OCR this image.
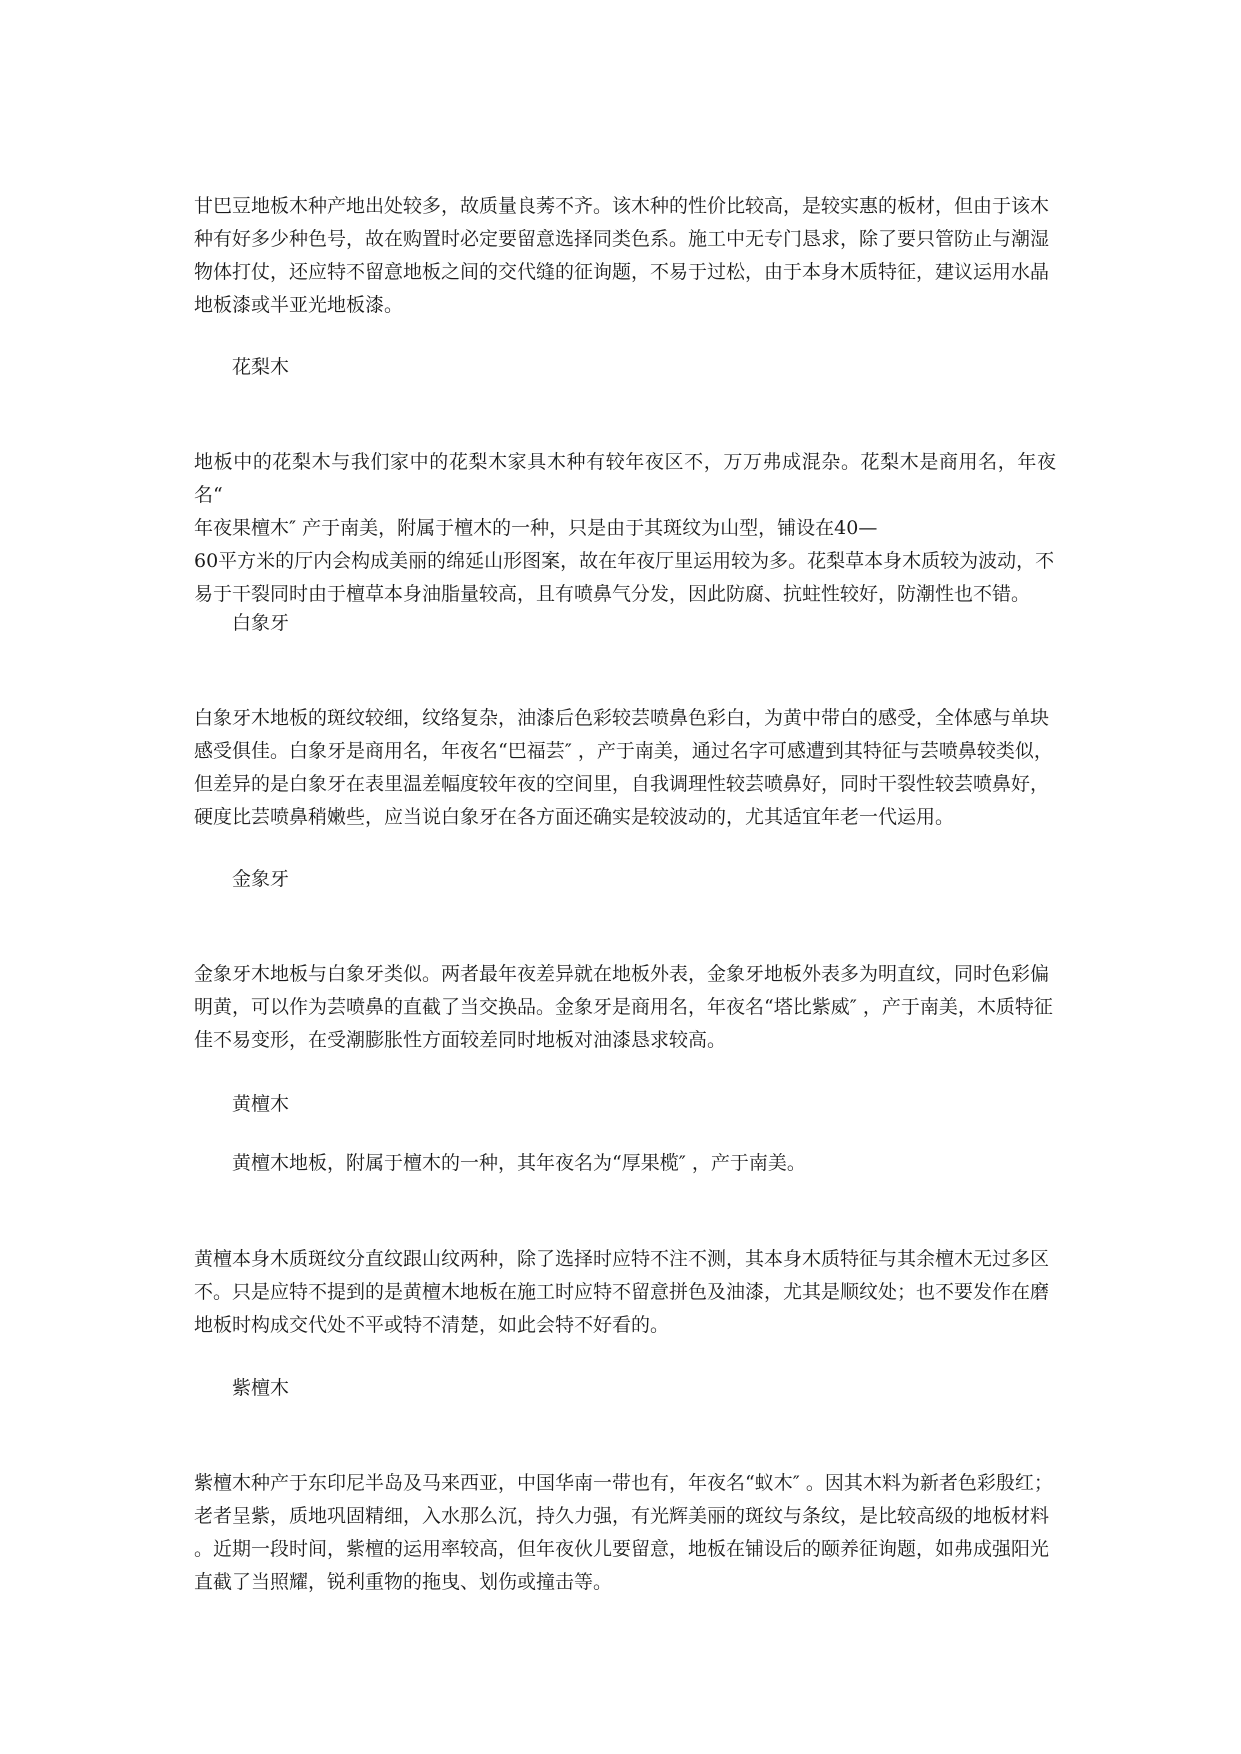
甘巴豆地板木种产地出处较多，故质量良莠不齐。该木种的性价比较高，是较实惠的板材，但由于该木
种有好多少种色号，故在购置时必定要留意选择同类色系。施工中无专门恳求，除了要只管防止与潮湿
物体打仗，还应特不留意地板之间的交代缝的征询题，不易于过松，由于本身木质特征，建议运用水晶
地板漆或半亚光地板漆。
花梨木
地板中的花梨木与我们家中的花梨木家具木种有较年夜区不，万万弗成混杂。花梨木是商用名，年夜名“
年夜果檀木″ 产于南美，附属于檀木的一种，只是由于其斑纹为山型，铺设在40—
60平方米的厅内会构成美丽的绵延山形图案，故在年夜厅里运用较为多。花梨草本身木质较为波动，不
易于干裂同时由于檀草本身油脂量较高，且有喷鼻气分发，因此防腐、抗蛀性较好，防潮性也不错。
白象牙
白象牙木地板的斑纹较细，纹络复杂，油漆后色彩较芸喷鼻色彩白，为黄中带白的感受，全体感与单块
感受俱佳。白象牙是商用名，年夜名“巴福芸″ ，产于南美，通过名字可感遭到其特征与芸喷鼻较类似，
但差异的是白象牙在表里温差幅度较年夜的空间里，自我调理性较芸喷鼻好，同时干裂性较芸喷鼻好，
硬度比芸喷鼻稍嫩些，应当说白象牙在各方面还确实是较波动的，尤其适宜年老一代运用。
金象牙
金象牙木地板与白象牙类似。两者最年夜差异就在地板外表，金象牙地板外表多为明直纹，同时色彩偏
明黄，可以作为芸喷鼻的直截了当交换品。金象牙是商用名，年夜名“塔比紫威″ ，产于南美，木质特征
佳不易变形，在受潮膨胀性方面较差同时地板对油漆恳求较高。
黄檀木
黄檀木地板，附属于檀木的一种，其年夜名为“厚果榄″ ，产于南美。
黄檀本身木质斑纹分直纹跟山纹两种，除了选择时应特不注不测，其本身木质特征与其余檀木无过多区
不。只是应特不提到的是黄檀木地板在施工时应特不留意拼色及油漆，尤其是顺纹处；也不要发作在磨
地板时构成交代处不平或特不清楚，如此会特不好看的。
紫檀木
紫檀木种产于东印尼半岛及马来西亚，中国华南一带也有，年夜名“蚁木″ 。因其木料为新者色彩殷红；
老者呈紫，质地巩固精细，入水那么沉，持久力强，有光辉美丽的斑纹与条纹，是比较高级的地板材料
。近期一段时间，紫檀的运用率较高，但年夜伙儿要留意，地板在铺设后的颐养征询题，如弗成强阳光
直截了当照耀，锐利重物的拖曳、划伤或撞击等。
